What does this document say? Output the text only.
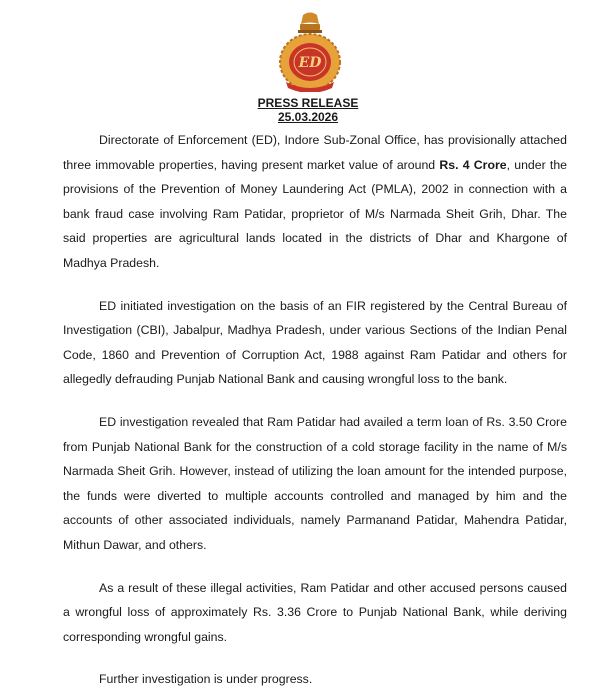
ED
PRESS RELEASE
25.03.2026

Directorate of Enforcement (ED), Indore Sub-Zonal Office, has provisionally attached three immovable properties, having present market value of around Rs. 4 Crore, under the provisions of the Prevention of Money Laundering Act (PMLA), 2002 in connection with a bank fraud case involving Ram Patidar, proprietor of M/s Narmada Sheit Grih, Dhar. The said properties are agricultural lands located in the districts of Dhar and Khargone of Madhya Pradesh.

ED initiated investigation on the basis of an FIR registered by the Central Bureau of Investigation (CBI), Jabalpur, Madhya Pradesh, under various Sections of the Indian Penal Code, 1860 and Prevention of Corruption Act, 1988 against Ram Patidar and others for allegedly defrauding Punjab National Bank and causing wrongful loss to the bank.

ED investigation revealed that Ram Patidar had availed a term loan of Rs. 3.50 Crore from Punjab National Bank for the construction of a cold storage facility in the name of M/s Narmada Sheit Grih. However, instead of utilizing the loan amount for the intended purpose, the funds were diverted to multiple accounts controlled and managed by him and the accounts of other associated individuals, namely Parmanand Patidar, Mahendra Patidar, Mithun Dawar, and others.

As a result of these illegal activities, Ram Patidar and other accused persons caused a wrongful loss of approximately Rs. 3.36 Crore to Punjab National Bank, while deriving corresponding wrongful gains.

Further investigation is under progress.
